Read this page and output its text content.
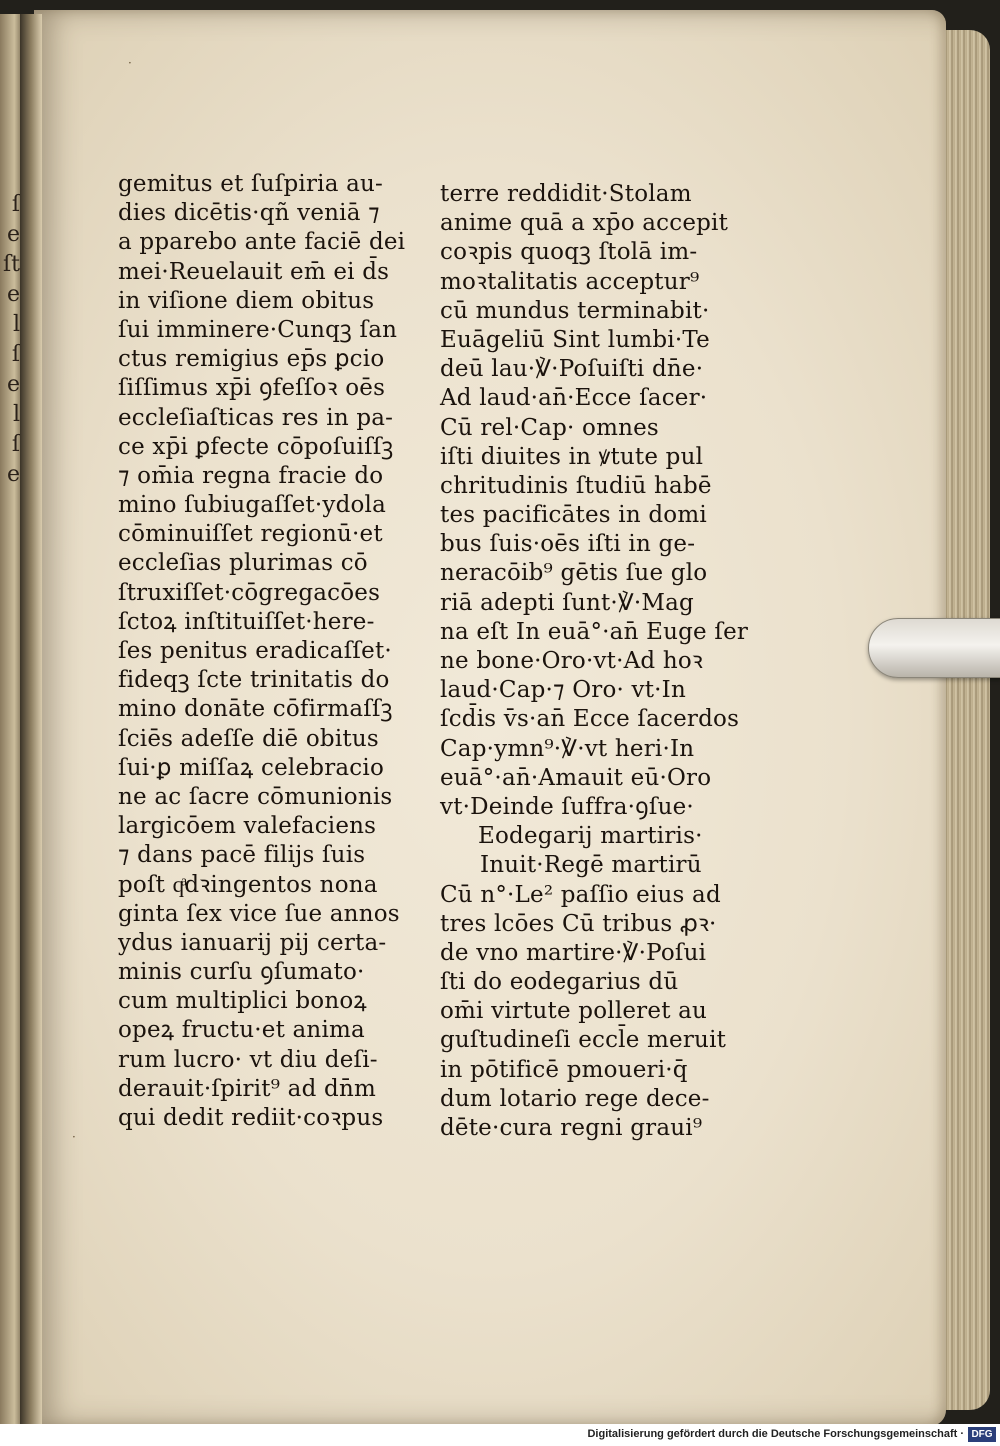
ſ
e
ſt
e
l
ſ
e
l
ſ
e
·
·
gemitus et ſuſpiria au-
dies dicētis·qñ veniā ⁊
a pparebo ante faciē dei
mei·Reuelauit em̄ ei d̄s
in viſione diem obitus
ſui imminere·Cunqꝫ ſan
ctus remigius ep̄s ꝑcio
ſiſſimus xp̄i ꝯfeſſoꝛ oēs
eccleſiaſticas res in pa-
ce xp̄i ꝑfecte cōpoſuiſſꝫ
⁊ om̄ia regna fracie do
mino ſubiugaſſet·ydola
cōminuiſſet regionū·et
eccleſias plurimas cō
ſtruxiſſet·cōgregacōes
ſctoꝝ inſtituiſſet·here-
ſes penitus eradicaſſet·
fideqꝫ ſcte trinitatis do
mino donāte cōfirmaſſꝫ
ſciēs adeſſe diē obitus
ſui·ꝑ miſſaꝝ celebracio
ne ac ſacre cōmunionis
largicōem valefaciens
⁊ dans pacē filijs ſuis
poſt qͣdꝛingentos nona
ginta ſex vice ſue annos
ydus ianuarij pij certa-
minis curſu ꝯſumato·
cum multiplici bonoꝝ
opeꝝ fructu·et anima
rum lucro· vt diu deſi-
derauit·ſpirit⁹ ad dn̄m
qui dedit rediit·coꝛpus
terre reddidit·Stolam
anime quā a xp̄o accepit
coꝛpis quoqꝫ ſtolā im-
moꝛtalitatis acceptur⁹
cū mundus terminabit·
Euāgeliū Sint lumbi·Te
deū lau·℣·Poſuiſti dn̄e·
Ad laud·an̄·Ecce ſacer·
Cū rel·Cap· omnes
iſti diuites in ꝟtute pul
chritudinis ſtudiū habē
tes pacificātes in domi
bus ſuis·oēs iſti in ge-
neracōib⁹ gētis ſue glo
riā adepti ſunt·℣·Mag
na eſt In euā°·an̄ Euge ſer
ne bone·Oro·vt·Ad hoꝛ
laud·Cap·⁊ Oro· vt·In
ſcd̄is v̄s·an̄ Ecce ſacerdos
Cap·ymn⁹·℣·vt heri·In
euā°·an̄·Amauit eū·Oro
vt·Deinde ſuffra·ꝯſue·
Eodegarij martiris·
Inuit·Regē martirū
Cū n°·Le² paſſio eius ad
tres lcōes Cū tribus ꝓꝛ·
de vno martire·℣·Poſui
ſti do eodegarius dū
om̄i virtute polleret au
guſtudineſi eccl̄e meruit
in pōtificē pmoueri·q̄
dum lotario rege dece-
dēte·cura regni graui⁹
Digitalisierung gefördert durch die Deutsche Forschungsgemeinschaft · DFG
